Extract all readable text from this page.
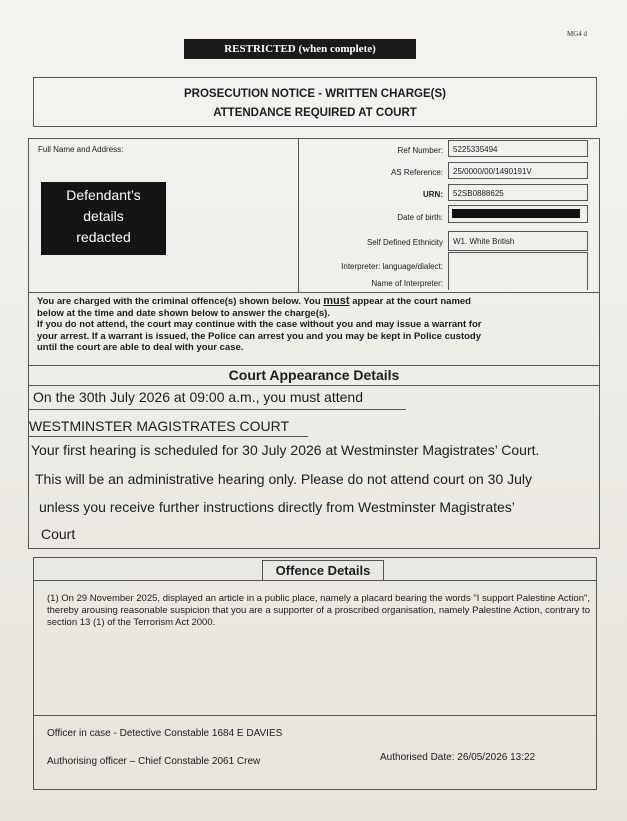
MG4 d
RESTRICTED (when complete)
PROSECUTION NOTICE - WRITTEN CHARGE(S)
ATTENDANCE REQUIRED AT COURT
Full Name and Address:
Defendant’s
details
redacted
Ref Number:	5225335494
AS Reference:	25/0000/00/1490191V
URN:	52SB0888625
Date of birth:
Self Defined Ethnicity	W1. White British
Interpreter: language/dialect:
Name of Interpreter:
You are charged with the criminal offence(s) shown below. You must appear at the court named
below at the time and date shown below to answer the charge(s).
If you do not attend, the court may continue with the case without you and may issue a warrant for
your arrest. If a warrant is issued, the Police can arrest you and you may be kept in Police custody
until the court are able to deal with your case.
Court Appearance Details
On the 30th July 2026 at 09:00 a.m., you must attend
WESTMINSTER MAGISTRATES COURT
Your first hearing is scheduled for 30 July 2026 at Westminster Magistrates’ Court.
This will be an administrative hearing only. Please do not attend court on 30 July
unless you receive further instructions directly from Westminster Magistrates’
Court
Offence Details
(1) On 29 November 2025, displayed an article in a public place, namely a placard bearing the words "I support Palestine Action", thereby arousing reasonable suspicion that you are a supporter of a proscribed organisation, namely Palestine Action, contrary to section 13 (1) of the Terrorism Act 2000.
Officer in case - Detective Constable 1684 E DAVIES
Authorising officer – Chief Constable 2061 Crew	Authorised Date: 26/05/2026 13:22
